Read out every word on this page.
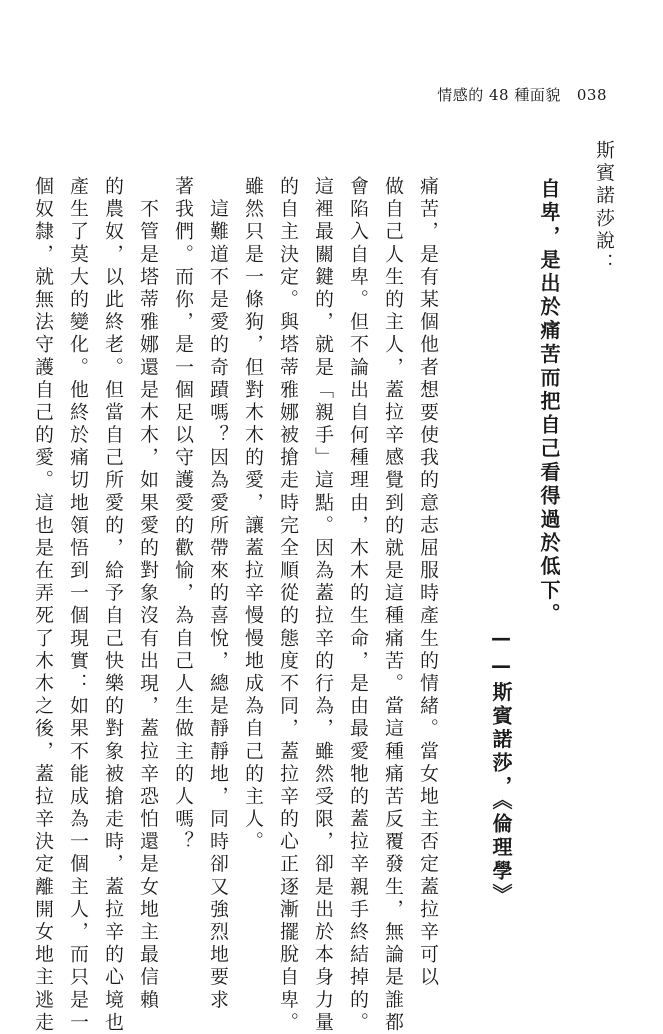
情感的 48 種面貌 038
斯賓諾莎說：
自卑，是出於痛苦而把自己看得過於低下。
——斯賓諾莎，《倫理學》
痛苦，是有某個他者想要使我的意志屈服時產生的情緒。當女地主否定蓋拉辛可以
做自己人生的主人，蓋拉辛感覺到的就是這種痛苦。當這種痛苦反覆發生，無論是誰都
會陷入自卑。但不論出自何種理由，木木的生命，是由最愛牠的蓋拉辛親手終結掉的。
這裡最關鍵的，就是「親手」這點。因為蓋拉辛的行為，雖然受限，卻是出於本身力量
的自主決定。與塔蒂雅娜被搶走時完全順從的態度不同，蓋拉辛的心正逐漸擺脫自卑。
雖然只是一條狗，但對木木的愛，讓蓋拉辛慢慢地成為自己的主人。
　這難道不是愛的奇蹟嗎？因為愛所帶來的喜悅，總是靜靜地，同時卻又強烈地要求
著我們。而你，是一個足以守護愛的歡愉，為自己人生做主的人嗎？
　不管是塔蒂雅娜還是木木，如果愛的對象沒有出現，蓋拉辛恐怕還是女地主最信賴
的農奴，以此終老。但當自己所愛的，給予自己快樂的對象被搶走時，蓋拉辛的心境也
產生了莫大的變化。他終於痛切地領悟到一個現實：如果不能成為一個主人，而只是一
個奴隸，就無法守護自己的愛。這也是在弄死了木木之後，蓋拉辛決定離開女地主逃走
